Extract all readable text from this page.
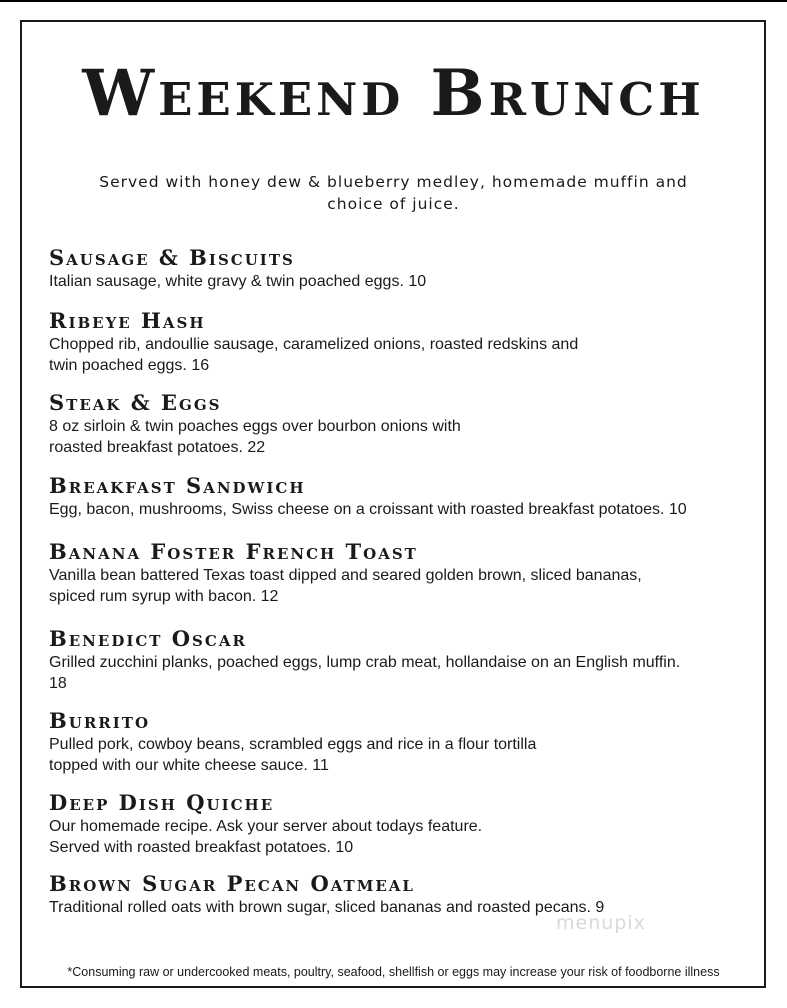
Weekend Brunch
Served with honey dew & blueberry medley, homemade muffin and
choice of juice.
Sausage & Biscuits
Italian sausage, white gravy & twin poached eggs. 10
Ribeye Hash
Chopped rib, andoullie sausage, caramelized onions, roasted redskins and
twin poached eggs. 16
Steak & Eggs
8 oz sirloin & twin poaches eggs over bourbon onions with
roasted breakfast potatoes. 22
Breakfast Sandwich
Egg, bacon, mushrooms, Swiss cheese on a croissant with roasted breakfast potatoes. 10
Banana Foster French Toast
Vanilla bean battered Texas toast dipped and seared golden brown, sliced bananas,
spiced rum syrup with bacon. 12
Benedict Oscar
Grilled zucchini planks, poached eggs, lump crab meat, hollandaise on an English muffin.
18
Burrito
Pulled pork, cowboy beans, scrambled eggs and rice in a flour tortilla
topped with our white cheese sauce. 11
Deep Dish Quiche
Our homemade recipe. Ask your server about todays feature.
Served with roasted breakfast potatoes. 10
Brown Sugar Pecan Oatmeal
Traditional rolled oats with brown sugar, sliced bananas and roasted pecans. 9
menupix
*Consuming raw or undercooked meats, poultry, seafood, shellfish or eggs may increase your risk of foodborne illness
